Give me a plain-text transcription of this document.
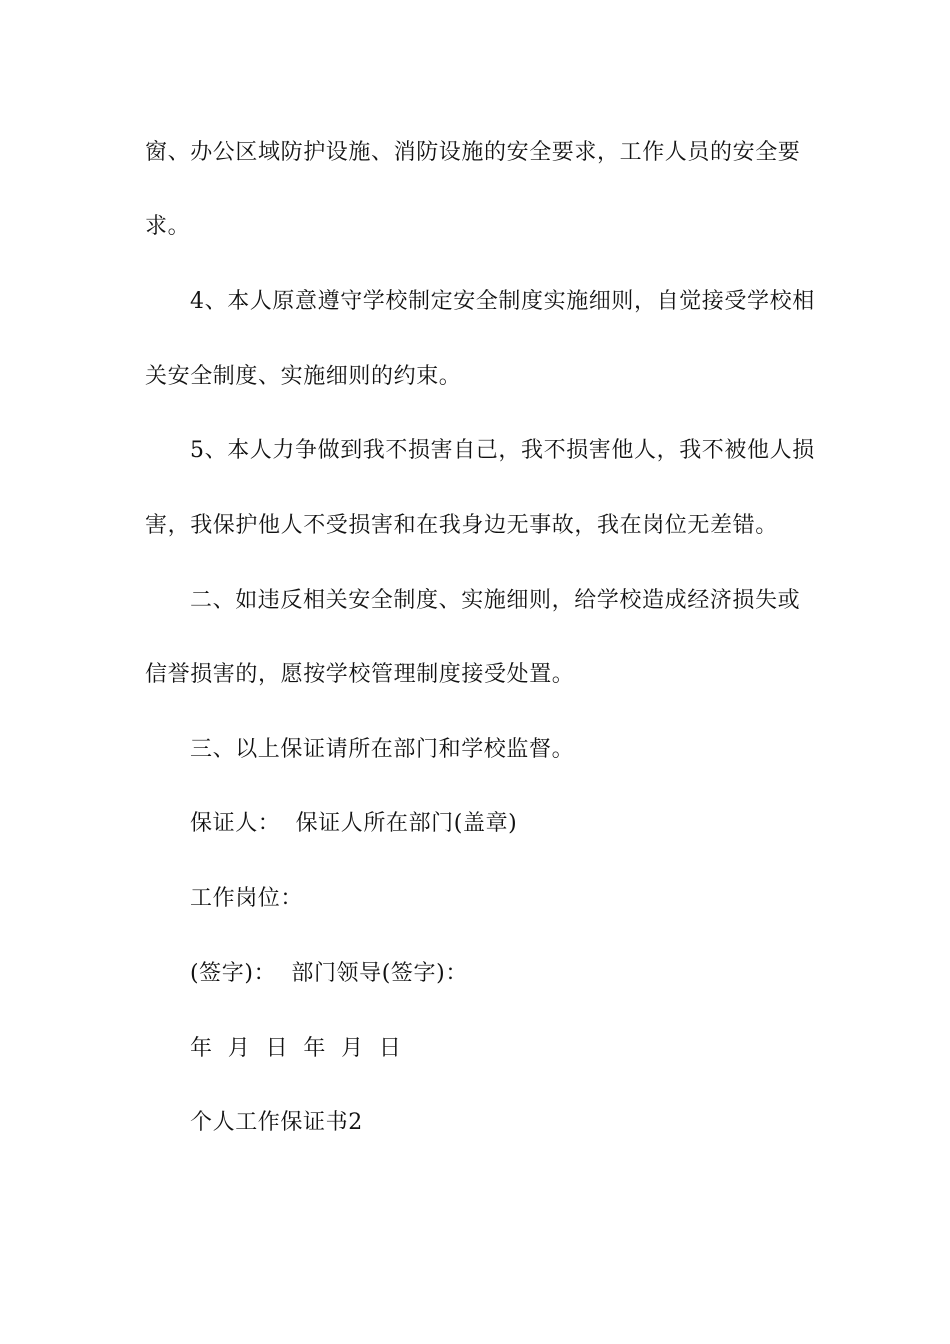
窗、办公区域防护设施、消防设施的安全要求，工作人员的安全要
求。
4、本人原意遵守学校制定安全制度实施细则，自觉接受学校相
关安全制度、实施细则的约束。
5、本人力争做到我不损害自己，我不损害他人，我不被他人损
害，我保护他人不受损害和在我身边无事故，我在岗位无差错。
二、如违反相关安全制度、实施细则，给学校造成经济损失或
信誉损害的，愿按学校管理制度接受处置。
三、以上保证请所在部门和学校监督。
保证人：  保证人所在部门(盖章)
工作岗位：
(签字)：  部门领导(签字)：
年  月  日  年  月  日
个人工作保证书2
